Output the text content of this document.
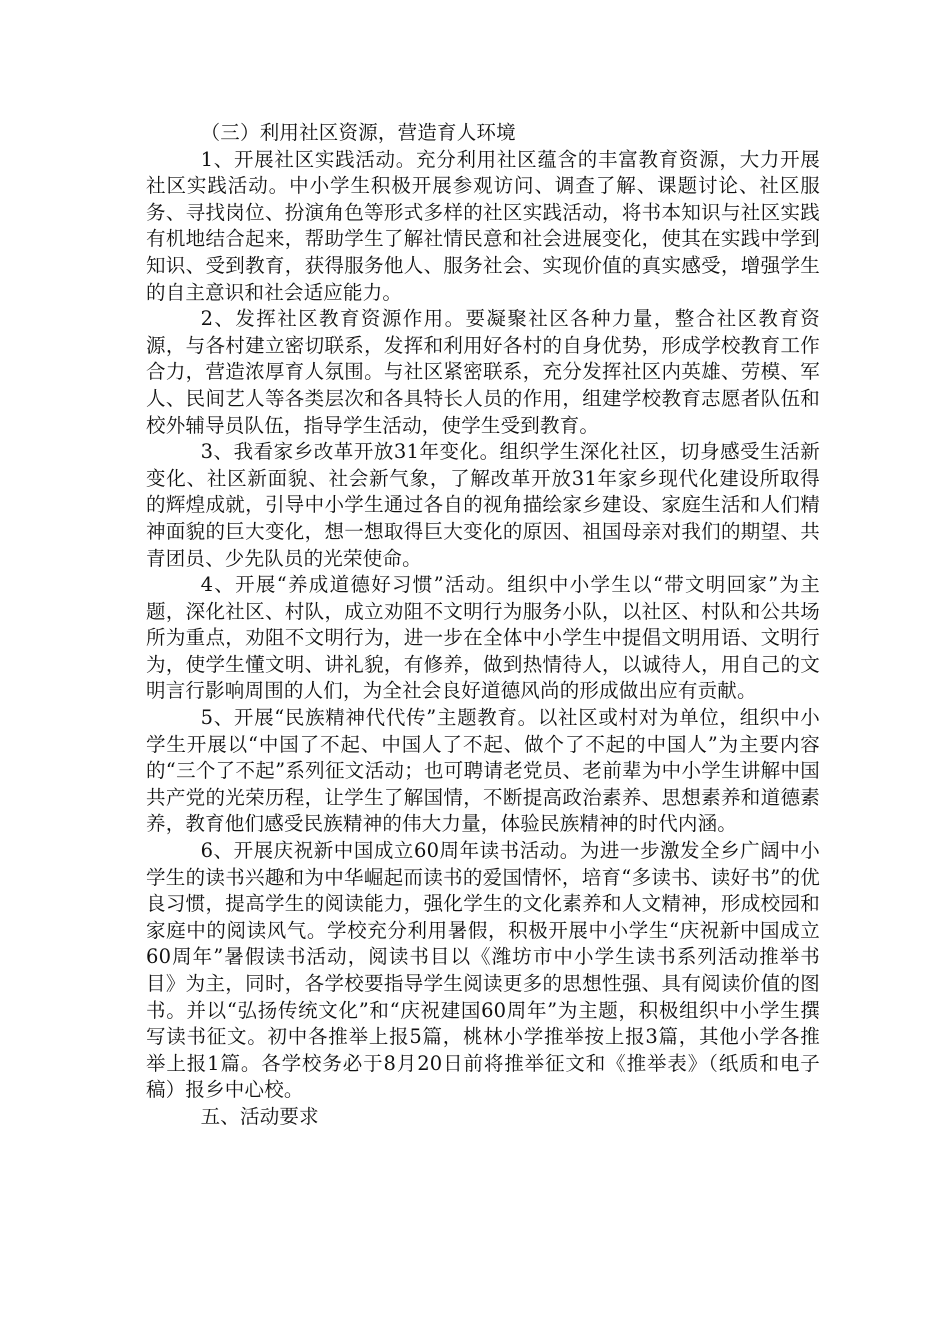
（三）利用社区资源，营造育人环境

1、开展社区实践活动。充分利用社区蕴含的丰富教育资源，大力开展社区实践活动。中小学生积极开展参观访问、调查了解、课题讨论、社区服务、寻找岗位、扮演角色等形式多样的社区实践活动，将书本知识与社区实践有机地结合起来，帮助学生了解社情民意和社会进展变化，使其在实践中学到知识、受到教育，获得服务他人、服务社会、实现价值的真实感受，增强学生的自主意识和社会适应能力。

2、发挥社区教育资源作用。要凝聚社区各种力量，整合社区教育资源，与各村建立密切联系，发挥和利用好各村的自身优势，形成学校教育工作合力，营造浓厚育人氛围。与社区紧密联系，充分发挥社区内英雄、劳模、军人、民间艺人等各类层次和各具特长人员的作用，组建学校教育志愿者队伍和校外辅导员队伍，指导学生活动，使学生受到教育。

3、我看家乡改革开放31年变化。组织学生深化社区，切身感受生活新变化、社区新面貌、社会新气象，了解改革开放31年家乡现代化建设所取得的辉煌成就，引导中小学生通过各自的视角描绘家乡建设、家庭生活和人们精神面貌的巨大变化，想一想取得巨大变化的原因、祖国母亲对我们的期望、共青团员、少先队员的光荣使命。

4、开展“养成道德好习惯”活动。组织中小学生以“带文明回家”为主题，深化社区、村队，成立劝阻不文明行为服务小队，以社区、村队和公共场所为重点，劝阻不文明行为，进一步在全体中小学生中提倡文明用语、文明行为，使学生懂文明、讲礼貌，有修养，做到热情待人，以诚待人，用自己的文明言行影响周围的人们，为全社会良好道德风尚的形成做出应有贡献。

5、开展“民族精神代代传”主题教育。以社区或村对为单位，组织中小学生开展以“中国了不起、中国人了不起、做个了不起的中国人”为主要内容的“三个了不起”系列征文活动；也可聘请老党员、老前辈为中小学生讲解中国共产党的光荣历程，让学生了解国情，不断提高政治素养、思想素养和道德素养，教育他们感受民族精神的伟大力量，体验民族精神的时代内涵。

6、开展庆祝新中国成立60周年读书活动。为进一步激发全乡广阔中小学生的读书兴趣和为中华崛起而读书的爱国情怀，培育“多读书、读好书”的优良习惯，提高学生的阅读能力，强化学生的文化素养和人文精神，形成校园和家庭中的阅读风气。学校充分利用暑假，积极开展中小学生“庆祝新中国成立60周年”暑假读书活动，阅读书目以《潍坊市中小学生读书系列活动推举书目》为主，同时，各学校要指导学生阅读更多的思想性强、具有阅读价值的图书。并以“弘扬传统文化”和“庆祝建国60周年”为主题，积极组织中小学生撰写读书征文。初中各推举上报5篇，桃林小学推举按上报3篇，其他小学各推举上报1篇。各学校务必于8月20日前将推举征文和《推举表》（纸质和电子稿）报乡中心校。

五、活动要求
